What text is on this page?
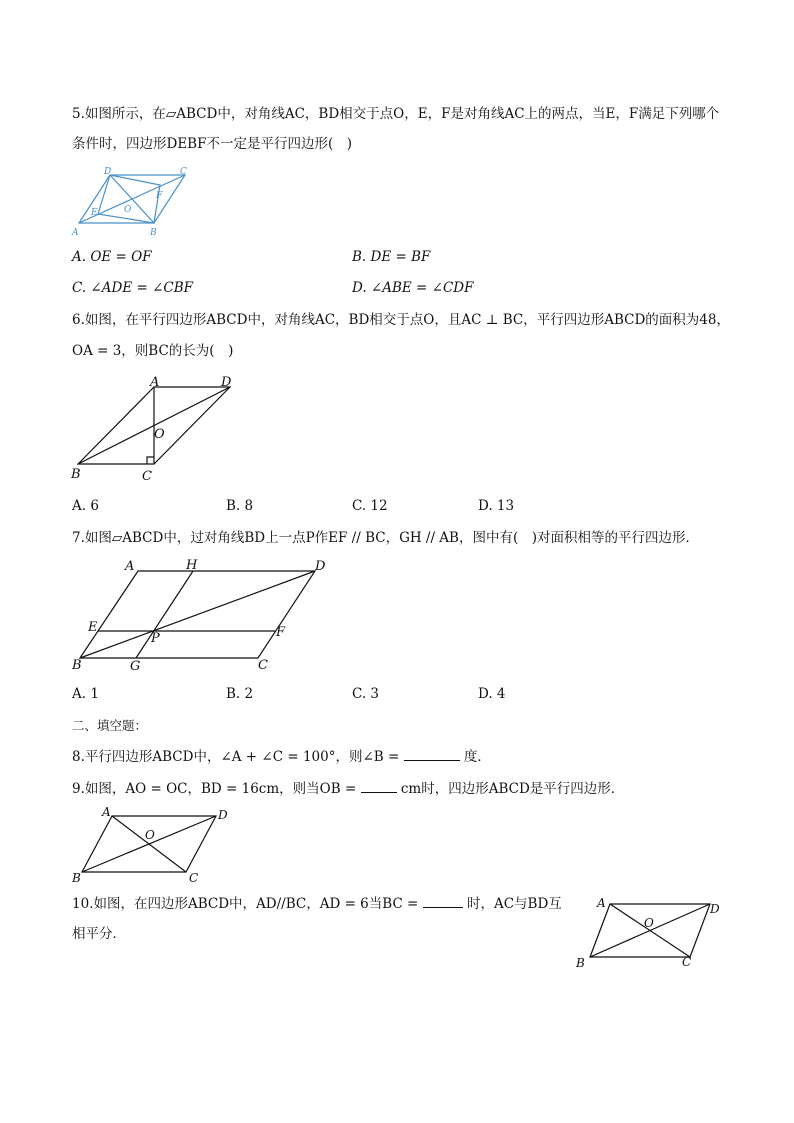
5.如图所示，在▱ABCD中，对角线AC，BD相交于点O，E，F是对角线AC上的两点，当E，F满足下列哪个
条件时，四边形DEBF不一定是平行四边形(　)
A	B
C
D
E
F
O
A. OE = OF	B. DE = BF
C. ∠ADE = ∠CBF	D. ∠ABE = ∠CDF
6.如图，在平行四边形ABCD中，对角线AC，BD相交于点O，且AC ⊥ BC，平行四边形ABCD的面积为48，
OA = 3，则BC的长为(　)
B	C
A	D
O
A. 6	B. 8	C. 12	D. 13
7.如图▱ABCD中，过对角线BD上一点P作EF // BC，GH // AB，图中有(　)对面积相等的平行四边形．
B	G	C
A	H	D
E
P	F
A. 1	B. 2	C. 3	D. 4
二、填空题：
8.平行四边形ABCD中，∠A + ∠C = 100°，则∠B =	度．
9.如图，AO = OC，BD = 16cm，则当OB =	cm时，四边形ABCD是平行四边形．
B	C
A	D
O
10.如图，在四边形ABCD中，AD//BC，AD = 6当BC =	时，AC与BD互
相平分．
B	C
A	D
O
